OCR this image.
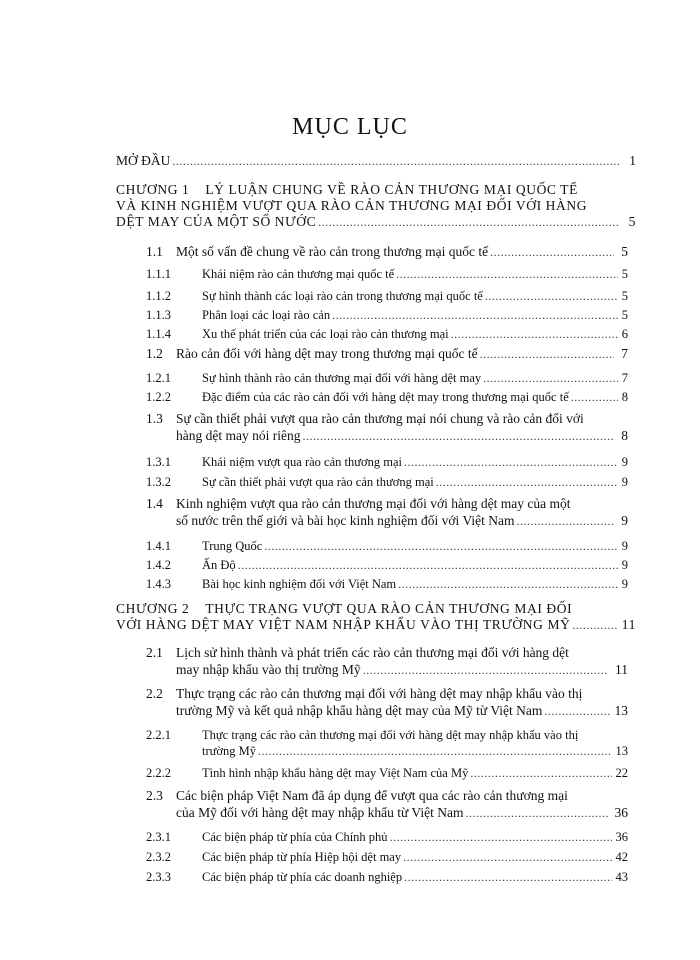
MỤC LỤC
MỞ ĐẦU .....	1
CHƯƠNG 1 LÝ LUẬN CHUNG VỀ RÀO CẢN THƯƠNG MẠI QUỐC TẾ
VÀ KINH NGHIỆM VƯỢT QUA RÀO CẢN THƯƠNG MẠI ĐỐI VỚI HÀNG
DỆT MAY CỦA MỘT SỐ NƯỚC .....	5
1.1 Một số vấn đề chung về rào cản trong thương mại quốc tế .....	5
1.1.1	Khái niệm rào cản thương mại quốc tế .....	5
1.1.2	Sự hình thành các loại rào cản trong thương mại quốc tế .....	5
1.1.3	Phân loại các loại rào cản .....	5
1.1.4	Xu thế phát triển của các loại rào cản thương mại .....	6
1.2 Rào cản đối với hàng dệt may trong thương mại quốc tế .....	7
1.2.1	Sự hình thành rào cản thương mại đối với hàng dệt may .....	7
1.2.2	Đặc điểm của các rào cản đối với hàng dệt may trong thương mại quốc tế .....	8
1.3 Sự cần thiết phải vượt qua rào cản thương mại nói chung và rào cản đối với
hàng dệt may nói riêng .....	8
1.3.1	Khái niệm vượt qua rào cản thương mại .....	9
1.3.2	Sự cần thiết phải vượt qua rào cản thương mại .....	9
1.4 Kinh nghiệm vượt qua rào cản thương mại đối với hàng dệt may của một
số nước trên thế giới và bài học kinh nghiệm đối với Việt Nam .....	9
1.4.1	Trung Quốc .....	9
1.4.2	Ấn Độ .....	9
1.4.3	Bài học kinh nghiệm đối với Việt Nam .....	9
CHƯƠNG 2 THỰC TRẠNG VƯỢT QUA RÀO CẢN THƯƠNG MẠI ĐỐI
VỚI HÀNG DỆT MAY VIỆT NAM NHẬP KHẨU VÀO THỊ TRƯỜNG MỸ .....	11
2.1 Lịch sử hình thành và phát triển các rào cản thương mại đối với hàng dệt
may nhập khẩu vào thị trường Mỹ .....	11
2.2 Thực trạng các rào cản thương mại đối với hàng dệt may nhập khẩu vào thị
trường Mỹ và kết quả nhập khẩu hàng dệt may của Mỹ từ Việt Nam .....	13
2.2.1 Thực trạng các rào cản thương mại đối với hàng dệt may nhập khẩu vào thị
trường Mỹ .....	13
2.2.2	Tình hình nhập khẩu hàng dệt may Việt Nam của Mỹ .....	22
2.3 Các biện pháp Việt Nam đã áp dụng để vượt qua các rào cản thương mại
của Mỹ đối với hàng dệt may nhập khẩu từ Việt Nam .....	36
2.3.1	Các biện pháp từ phía của Chính phủ .....	36
2.3.2	Các biện pháp từ phía Hiệp hội dệt may .....	42
2.3.3	Các biện pháp từ phía các doanh nghiệp .....	43
